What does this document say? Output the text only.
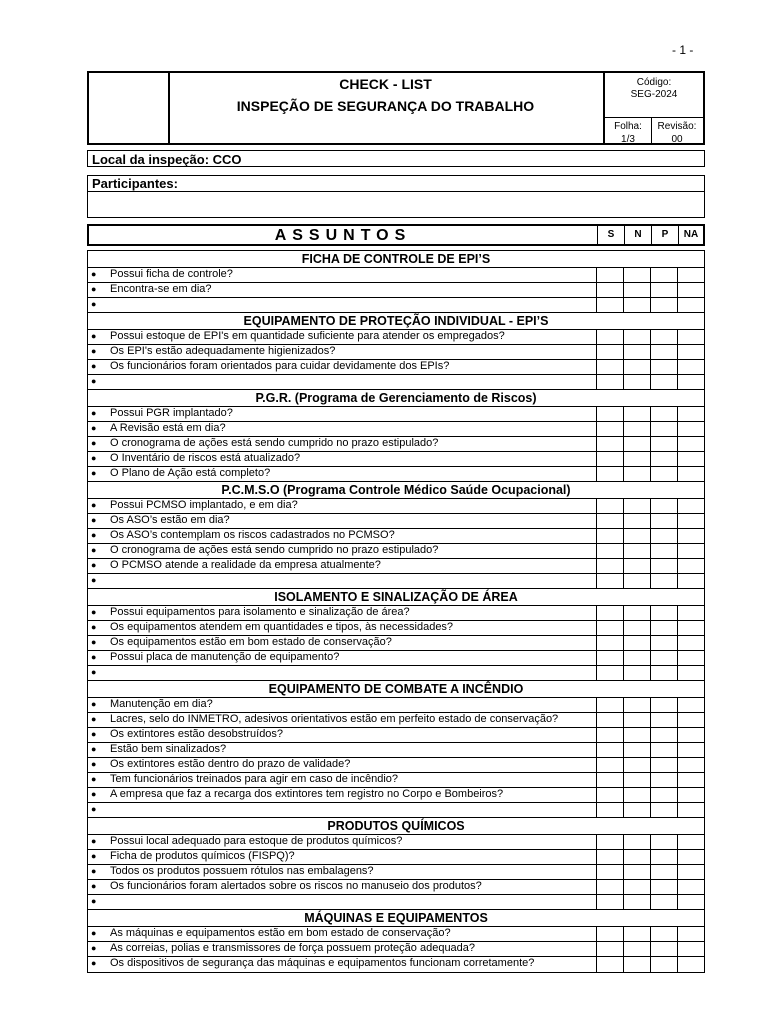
- 1 -
CHECK - LIST
INSPEÇÃO DE SEGURANÇA DO TRABALHO
Código:
SEG-2024
Folha:
1/3
Revisão:
00
Local da inspeção: CCO
Participantes:
ASSUNTOS	S	N	P	NA
FICHA DE CONTROLE DE EPI’S
● Possui ficha de controle?
● Encontra-se em dia?
●
EQUIPAMENTO DE PROTEÇÃO INDIVIDUAL - EPI’S
● Possui estoque de EPI's em quantidade suficiente para atender os empregados?
● Os EPI's estão adequadamente higienizados?
● Os funcionários foram orientados para cuidar devidamente dos EPIs?
●
P.G.R. (Programa de Gerenciamento de Riscos)
● Possui PGR implantado?
● A Revisão está em dia?
● O cronograma de ações está sendo cumprido no prazo estipulado?
● O Inventário de riscos está atualizado?
● O Plano de Ação está completo?
P.C.M.S.O (Programa Controle Médico Saúde Ocupacional)
● Possui PCMSO implantado, e em dia?
● Os ASO’s estão em dia?
● Os ASO’s contemplam os riscos cadastrados no PCMSO?
● O cronograma de ações está sendo cumprido no prazo estipulado?
● O PCMSO atende a realidade da empresa atualmente?
●
ISOLAMENTO E SINALIZAÇÃO DE ÁREA
● Possui equipamentos para isolamento e sinalização de área?
● Os equipamentos atendem em quantidades e tipos, às necessidades?
● Os equipamentos estão em bom estado de conservação?
● Possui placa de manutenção de equipamento?
●
EQUIPAMENTO DE COMBATE A INCÊNDIO
● Manutenção em dia?
● Lacres, selo do INMETRO, adesivos orientativos estão em perfeito estado de conservação?
● Os extintores estão desobstruídos?
● Estão bem sinalizados?
● Os extintores estão dentro do prazo de validade?
● Tem funcionários treinados para agir em caso de incêndio?
● A empresa que faz a recarga dos extintores tem registro no Corpo e Bombeiros?
●
PRODUTOS QUÍMICOS
● Possui local adequado para estoque de produtos químicos?
● Ficha de produtos químicos (FISPQ)?
● Todos os produtos possuem rótulos nas embalagens?
● Os funcionários foram alertados sobre os riscos no manuseio dos produtos?
●
MÁQUINAS E EQUIPAMENTOS
● As máquinas e equipamentos estão em bom estado de conservação?
● As correias, polias e transmissores de força possuem proteção adequada?
● Os dispositivos de segurança das máquinas e equipamentos funcionam corretamente?
